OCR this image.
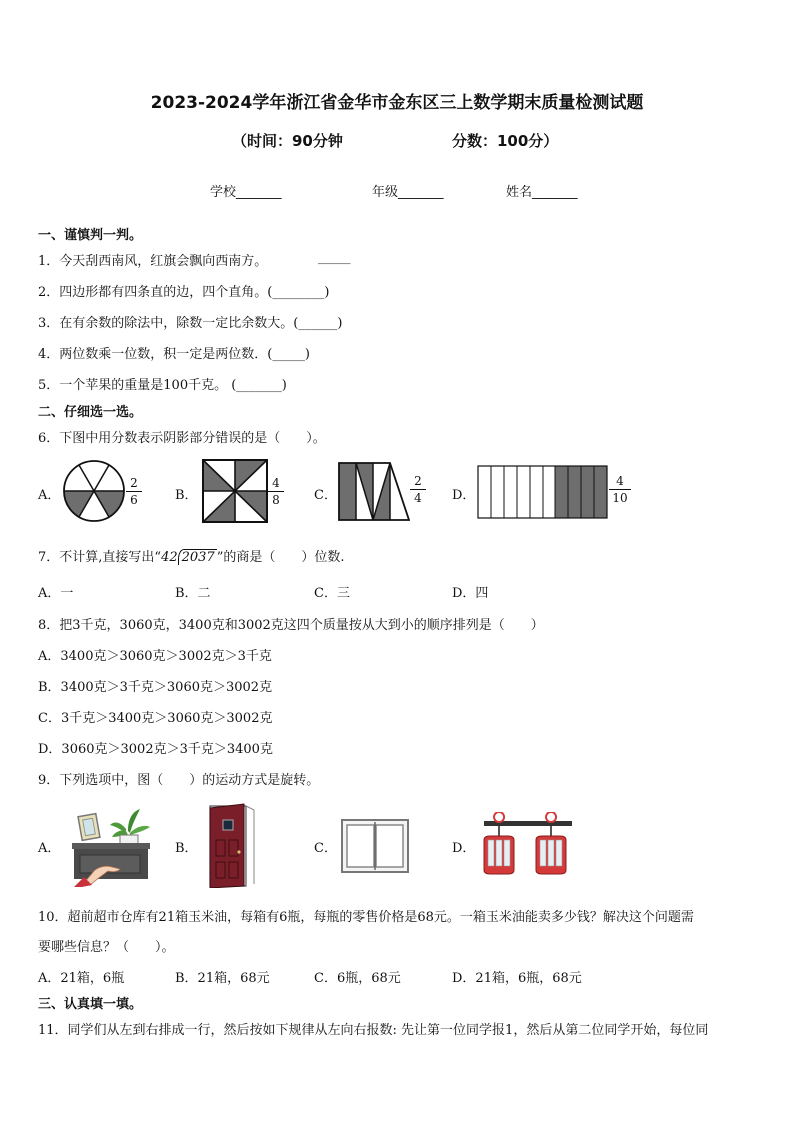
2023-2024学年浙江省金华市金东区三上数学期末质量检测试题
（时间：90分钟	分数：100分）
学校_______	年级_______	姓名_______
一、谨慎判一判。
1．今天刮西南风，红旗会飘向西南方。	_____
2．四边形都有四条直的边，四个直角。(________)
3．在有余数的除法中，除数一定比余数大。(______)
4．两位数乘一位数，积一定是两位数．(_____)
5．一个苹果的重量是100千克。 (_______)
二、仔细选一选。
6．下图中用分数表示阴影部分错误的是（　　）。
A．
2
6	B．
4
8	C．
2
4	D．
4
10
7．不计算,直接写出“42 2037 ”的商是（　　）位数.
A．一	B．二	C．三	D．四
8．把3千克，3060克，3400克和3002克这四个质量按从大到小的顺序排列是（　　）
A．3400克＞3060克＞3002克＞3千克
B．3400克＞3千克＞3060克＞3002克
C．3千克＞3400克＞3060克＞3002克
D．3060克＞3002克＞3千克＞3400克
9．下列选项中，图（　　）的运动方式是旋转。
A．	B．	C．	D．
10．超前超市仓库有21箱玉米油，每箱有6瓶，每瓶的零售价格是68元。一箱玉米油能卖多少钱？解决这个问题需
要哪些信息？（　　）。
A．21箱，6瓶	B．21箱，68元	C．6瓶，68元	D．21箱，6瓶，68元
三、认真填一填。
11．同学们从左到右排成一行，然后按如下规律从左向右报数: 先让第一位同学报1，然后从第二位同学开始，每位同
